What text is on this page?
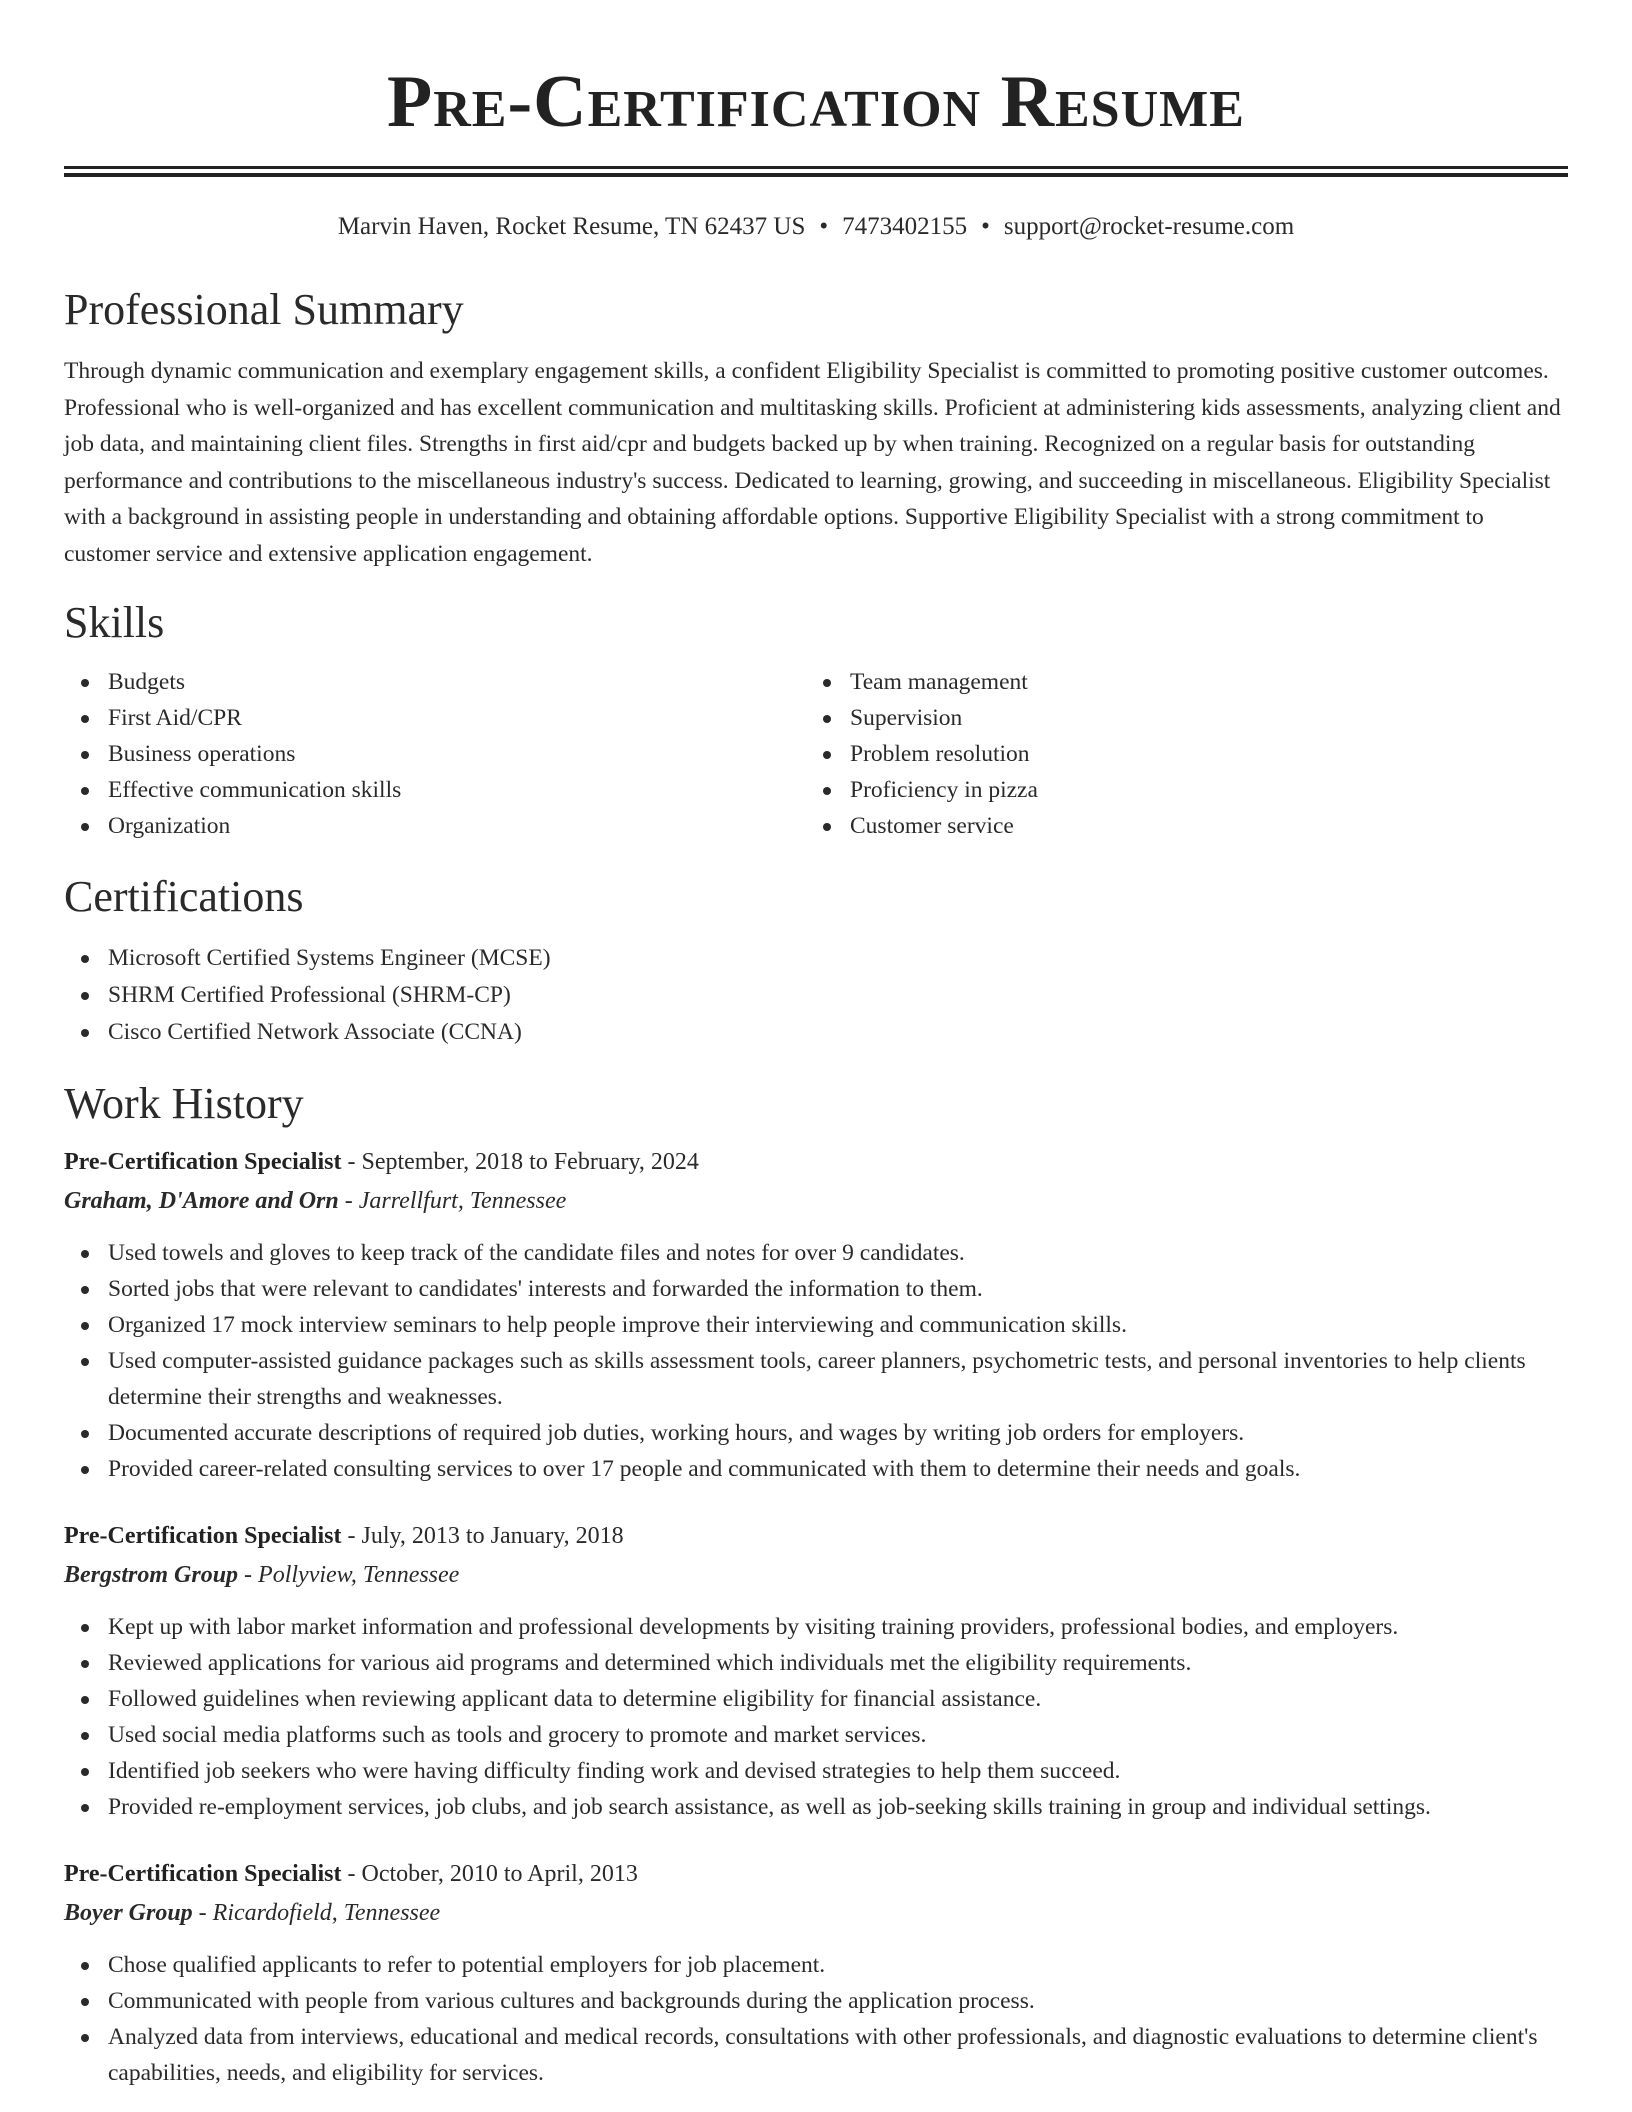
Pre-Certification Resume
Marvin Haven, Rocket Resume, TN 62437 US • 7473402155 • support@rocket-resume.com
Professional Summary

Through dynamic communication and exemplary engagement skills, a confident Eligibility Specialist is committed to promoting positive customer outcomes. Professional who is well-organized and has excellent communication and multitasking skills. Proficient at administering kids assessments, analyzing client and job data, and maintaining client files. Strengths in first aid/cpr and budgets backed up by when training. Recognized on a regular basis for outstanding performance and contributions to the miscellaneous industry's success. Dedicated to learning, growing, and succeeding in miscellaneous. Eligibility Specialist with a background in assisting people in understanding and obtaining affordable options. Supportive Eligibility Specialist with a strong commitment to customer service and extensive application engagement.

Skills
Budgets
First Aid/CPR
Business operations
Effective communication skills
Organization
Team management
Supervision
Problem resolution
Proficiency in pizza
Customer service
Certifications
Microsoft Certified Systems Engineer (MCSE)
SHRM Certified Professional (SHRM-CP)
Cisco Certified Network Associate (CCNA)
Work History
Pre-Certification Specialist - September, 2018 to February, 2024
Graham, D'Amore and Orn - Jarrellfurt, Tennessee
Used towels and gloves to keep track of the candidate files and notes for over 9 candidates.
Sorted jobs that were relevant to candidates' interests and forwarded the information to them.
Organized 17 mock interview seminars to help people improve their interviewing and communication skills.
Used computer-assisted guidance packages such as skills assessment tools, career planners, psychometric tests, and personal inventories to help clients determine their strengths and weaknesses.
Documented accurate descriptions of required job duties, working hours, and wages by writing job orders for employers.
Provided career-related consulting services to over 17 people and communicated with them to determine their needs and goals.
Pre-Certification Specialist - July, 2013 to January, 2018
Bergstrom Group - Pollyview, Tennessee
Kept up with labor market information and professional developments by visiting training providers, professional bodies, and employers.
Reviewed applications for various aid programs and determined which individuals met the eligibility requirements.
Followed guidelines when reviewing applicant data to determine eligibility for financial assistance.
Used social media platforms such as tools and grocery to promote and market services.
Identified job seekers who were having difficulty finding work and devised strategies to help them succeed.
Provided re-employment services, job clubs, and job search assistance, as well as job-seeking skills training in group and individual settings.
Pre-Certification Specialist - October, 2010 to April, 2013
Boyer Group - Ricardofield, Tennessee
Chose qualified applicants to refer to potential employers for job placement.
Communicated with people from various cultures and backgrounds during the application process.
Analyzed data from interviews, educational and medical records, consultations with other professionals, and diagnostic evaluations to determine client's capabilities, needs, and eligibility for services.
